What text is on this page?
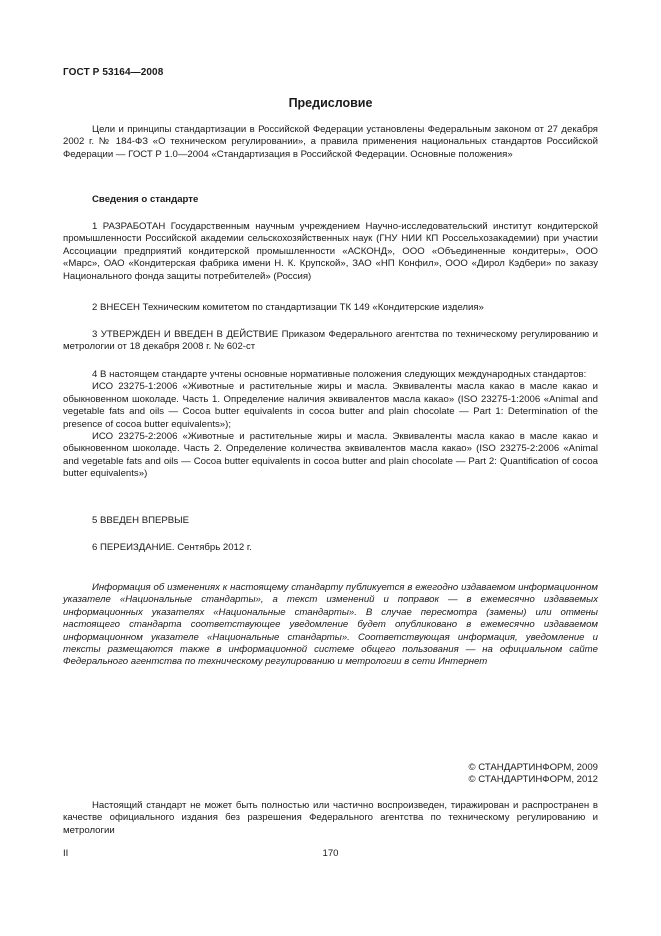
ГОСТ Р 53164—2008
Предисловие

Цели и принципы стандартизации в Российской Федерации установлены Федеральным законом от 27 декабря 2002 г. № 184-ФЗ «О техническом регулировании», а правила применения национальных стандартов Российской Федерации — ГОСТ Р 1.0—2004 «Стандартизация в Российской Федерации. Основные положения»

Сведения о стандарте

1 РАЗРАБОТАН Государственным научным учреждением Научно-исследовательский институт кондитерской промышленности Российской академии сельскохозяйственных наук (ГНУ НИИ КП Россельхозакадемии) при участии Ассоциации предприятий кондитерской промышленности «АСКОНД», ООО «Объединенные кондитеры», ООО «Марс», ОАО «Кондитерская фабрика имени Н. К. Крупской», ЗАО «НП Конфил», ООО «Дирол Кэдбери» по заказу Национального фонда защиты потребителей» (Россия)

2 ВНЕСЕН Техническим комитетом по стандартизации ТК 149 «Кондитерские изделия»

3 УТВЕРЖДЕН И ВВЕДЕН В ДЕЙСТВИЕ Приказом Федерального агентства по техническому регулированию и метрологии от 18 декабря 2008 г. № 602-ст

4 В настоящем стандарте учтены основные нормативные положения следующих международных стандартов:

ИСО 23275-1:2006 «Животные и растительные жиры и масла. Эквиваленты масла какао в масле какао и обыкновенном шоколаде. Часть 1. Определение наличия эквивалентов масла какао» (ISO 23275-1:2006 «Animal and vegetable fats and oils — Cocoa butter equivalents in cocoa butter and plain chocolate — Part 1: Determination of the presence of cocoa butter equivalents»);

ИСО 23275-2:2006 «Животные и растительные жиры и масла. Эквиваленты масла какао в масле какао и обыкновенном шоколаде. Часть 2. Определение количества эквивалентов масла какао» (ISO 23275-2:2006 «Animal and vegetable fats and oils — Cocoa butter equivalents in cocoa butter and plain chocolate — Part 2: Quantification of cocoa butter equivalents»)

5 ВВЕДЕН ВПЕРВЫЕ

6 ПЕРЕИЗДАНИЕ. Сентябрь 2012 г.

Информация об изменениях к настоящему стандарту публикуется в ежегодно издаваемом информационном указателе «Национальные стандарты», а текст изменений и поправок — в ежемесячно издаваемых информационных указателях «Национальные стандарты». В случае пересмотра (замены) или отмены настоящего стандарта соответствующее уведомление будет опубликовано в ежемесячно издаваемом информационном указателе «Национальные стандарты». Соответствующая информация, уведомление и тексты размещаются также в информационной системе общего пользования — на официальном сайте Федерального агентства по техническому регулированию и метрологии в сети Интернет

© СТАНДАРТИНФОРМ, 2009
© СТАНДАРТИНФОРМ, 2012

Настоящий стандарт не может быть полностью или частично воспроизведен, тиражирован и распространен в качестве официального издания без разрешения Федерального агентства по техническому регулированию и метрологии

II	170
